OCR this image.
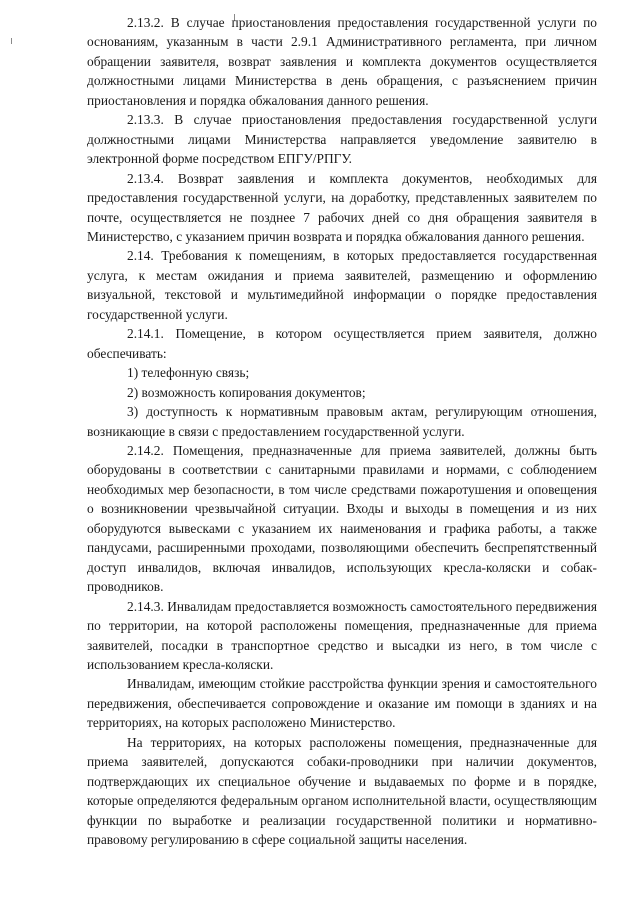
2.13.2. В случае приостановления предоставления государственной услуги по основаниям, указанным в части 2.9.1 Административного регламента, при личном обращении заявителя, возврат заявления и комплекта документов осуществляется должностными лицами Министерства в день обращения, с разъяснением причин приостановления и порядка обжалования данного решения.

2.13.3. В случае приостановления предоставления государственной услуги должностными лицами Министерства направляется уведомление заявителю в электронной форме посредством ЕПГУ/РПГУ.

2.13.4. Возврат заявления и комплекта документов, необходимых для предоставления государственной услуги, на доработку, представленных заявителем по почте, осуществляется не позднее 7 рабочих дней со дня обращения заявителя в Министерство, с указанием причин возврата и порядка обжалования данного решения.

2.14. Требования к помещениям, в которых предоставляется государственная услуга, к местам ожидания и приема заявителей, размещению и оформлению визуальной, текстовой и мультимедийной информации о порядке предоставления государственной услуги.

2.14.1. Помещение, в котором осуществляется прием заявителя, должно обеспечивать:

1) телефонную связь;

2) возможность копирования документов;

3) доступность к нормативным правовым актам, регулирующим отношения, возникающие в связи с предоставлением государственной услуги.

2.14.2. Помещения, предназначенные для приема заявителей, должны быть оборудованы в соответствии с санитарными правилами и нормами, с соблюдением необходимых мер безопасности, в том числе средствами пожаротушения и оповещения о возникновении чрезвычайной ситуации. Входы и выходы в помещения и из них оборудуются вывесками с указанием их наименования и графика работы, а также пандусами, расширенными проходами, позволяющими обеспечить беспрепятственный доступ инвалидов, включая инвалидов, использующих кресла-коляски и собак-проводников.

2.14.3. Инвалидам предоставляется возможность самостоятельного передвижения по территории, на которой расположены помещения, предназначенные для приема заявителей, посадки в транспортное средство и высадки из него, в том числе с использованием кресла-коляски.

Инвалидам, имеющим стойкие расстройства функции зрения и самостоятельного передвижения, обеспечивается сопровождение и оказание им помощи в зданиях и на территориях, на которых расположено Министерство.

На территориях, на которых расположены помещения, предназначенные для приема заявителей, допускаются собаки-проводники при наличии документов, подтверждающих их специальное обучение и выдаваемых по форме и в порядке, которые определяются федеральным органом исполнительной власти, осуществляющим функции по выработке и реализации государственной политики и нормативно-правовому регулированию в сфере социальной защиты населения.
